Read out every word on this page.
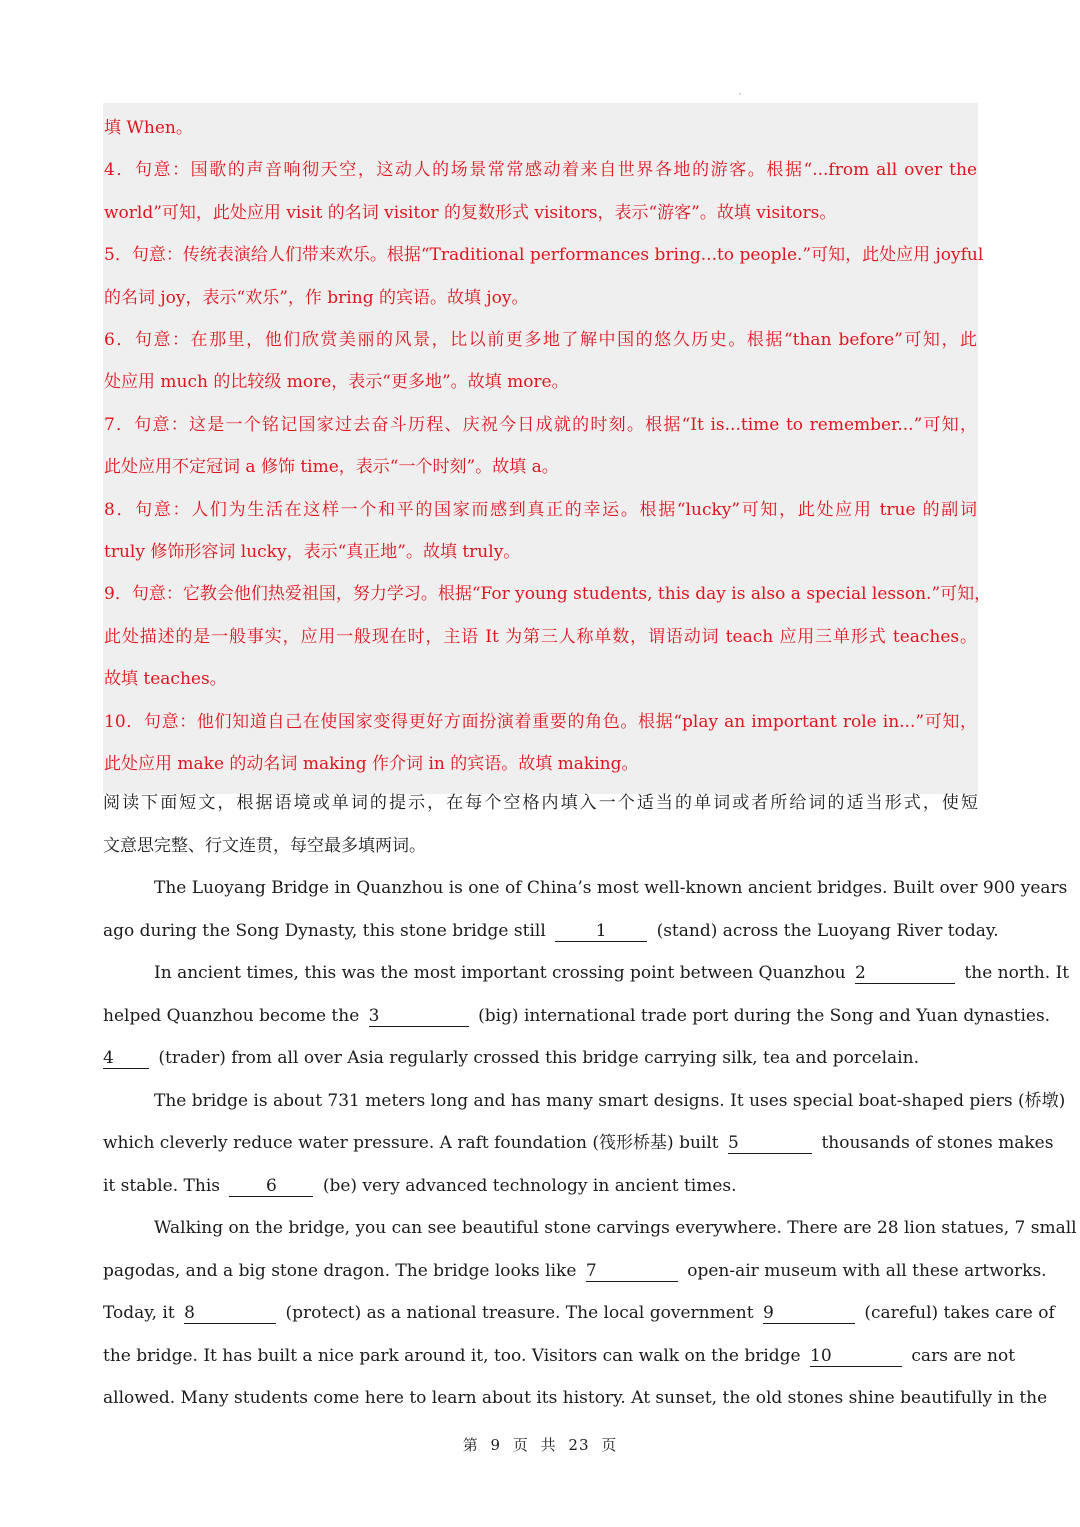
填 When。
4．句意：国歌的声音响彻天空，这动人的场景常常感动着来自世界各地的游客。根据“...from all over the
world”可知，此处应用 visit 的名词 visitor 的复数形式 visitors，表示“游客”。故填 visitors。
5．句意：传统表演给人们带来欢乐。根据“Traditional performances bring...to people.”可知，此处应用 joyful
的名词 joy，表示“欢乐”，作 bring 的宾语。故填 joy。
6．句意：在那里，他们欣赏美丽的风景，比以前更多地了解中国的悠久历史。根据“than before”可知，此
处应用 much 的比较级 more，表示“更多地”。故填 more。
7．句意：这是一个铭记国家过去奋斗历程、庆祝今日成就的时刻。根据“It is...time to remember...”可知，
此处应用不定冠词 a 修饰 time，表示“一个时刻”。故填 a。
8．句意：人们为生活在这样一个和平的国家而感到真正的幸运。根据“lucky”可知，此处应用 true 的副词
truly 修饰形容词 lucky，表示“真正地”。故填 truly。
9．句意：它教会他们热爱祖国，努力学习。根据“For young students, this day is also a special lesson.”可知，
此处描述的是一般事实，应用一般现在时，主语 It 为第三人称单数，谓语动词 teach 应用三单形式 teaches。
故填 teaches。
10．句意：他们知道自己在使国家变得更好方面扮演着重要的角色。根据“play an important role in...”可知，
此处应用 make 的动名词 making 作介词 in 的宾语。故填 making。
阅读下面短文，根据语境或单词的提示，在每个空格内填入一个适当的单词或者所给词的适当形式，使短
文意思完整、行文连贯，每空最多填两词。
The Luoyang Bridge in Quanzhou is one of China’s most well-known ancient bridges. Built over 900 years
ago during the Song Dynasty, this stone bridge still	1	(stand) across the Luoyang River today.
In ancient times, this was the most important crossing point between Quanzhou 2	the north. It
helped Quanzhou become the 3	(big) international trade port during the Song and Yuan dynasties.
4	(trader) from all over Asia regularly crossed this bridge carrying silk, tea and porcelain.
The bridge is about 731 meters long and has many smart designs. It uses special boat-shaped piers (桥墩)
which cleverly reduce water pressure. A raft foundation (筏形桥基) built 5	thousands of stones makes
it stable. This	6	(be) very advanced technology in ancient times.
Walking on the bridge, you can see beautiful stone carvings everywhere. There are 28 lion statues, 7 small
pagodas, and a big stone dragon. The bridge looks like 7	open-air museum with all these artworks.
Today, it 8	(protect) as a national treasure. The local government 9	(careful) takes care of
the bridge. It has built a nice park around it, too. Visitors can walk on the bridge 10	cars are not
allowed. Many students come here to learn about its history. At sunset, the old stones shine beautifully in the
第 9 页 共 23 页
